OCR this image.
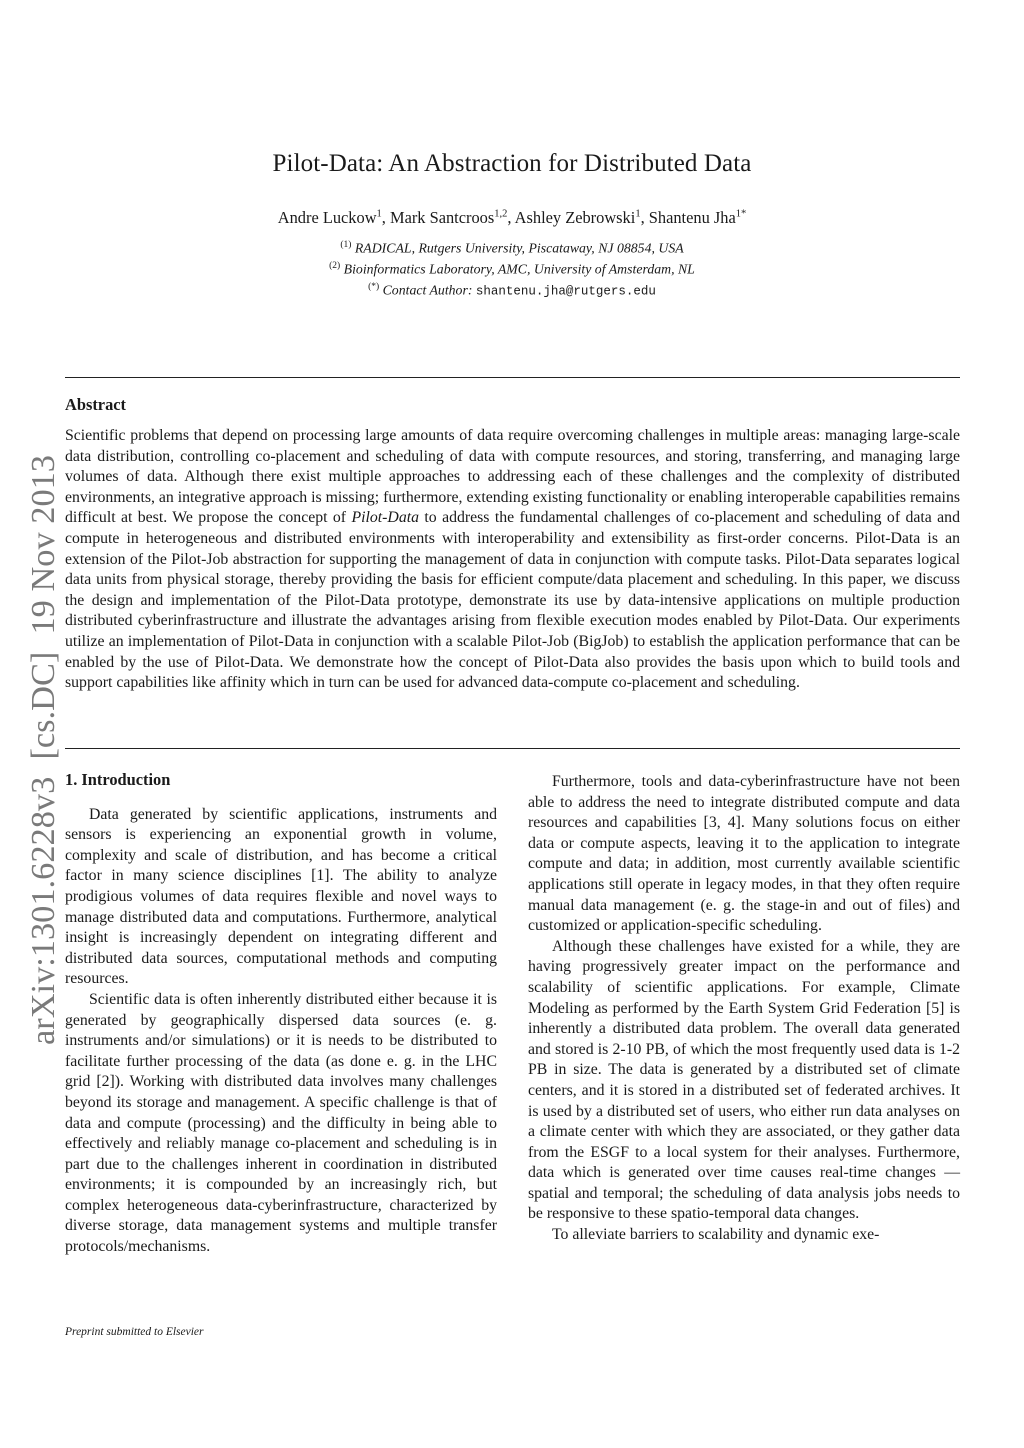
arXiv:1301.6228v3  [cs.DC]  19 Nov 2013
Pilot-Data: An Abstraction for Distributed Data
Andre Luckow$^1$, Mark Santcroos$^{1,2}$, Ashley Zebrowski$^1$, Shantenu Jha$^{1*}$
$^{(1)}$ RADICAL, Rutgers University, Piscataway, NJ 08854, USA
$^{(2)}$ Bioinformatics Laboratory, AMC, University of Amsterdam, NL
(*) Contact Author: shantenu.jha@rutgers.edu
Abstract
Scientific problems that depend on processing large amounts of data require overcoming challenges in multiple areas: managing large-scale data distribution, controlling co-placement and scheduling of data with compute resources, and storing, transferring, and managing large volumes of data. Although there exist multiple approaches to addressing each of these challenges and the complexity of distributed environments, an integrative approach is missing; furthermore, extending existing functionality or enabling interoperable capabilities remains difficult at best. We propose the concept of Pilot-Data to address the fundamental challenges of co-placement and scheduling of data and compute in heterogeneous and distributed environments with interoperability and extensibility as first-order concerns. Pilot-Data is an extension of the Pilot-Job abstraction for supporting the management of data in conjunction with compute tasks. Pilot-Data separates logical data units from physical storage, thereby providing the basis for efficient compute/data placement and scheduling. In this paper, we discuss the design and implementation of the Pilot-Data prototype, demonstrate its use by data-intensive applications on multiple production distributed cyberinfrastructure and illustrate the advantages arising from flexible execution modes enabled by Pilot-Data. Our experiments utilize an implementation of Pilot-Data in conjunction with a scalable Pilot-Job (BigJob) to establish the application performance that can be enabled by the use of Pilot-Data. We demonstrate how the concept of Pilot-Data also provides the basis upon which to build tools and support capabilities like affinity which in turn can be used for advanced data-compute co-placement and scheduling.
1. Introduction

Data generated by scientific applications, instruments and sensors is experiencing an exponential growth in volume, complexity and scale of distribution, and has become a critical factor in many science disciplines [1]. The ability to analyze prodigious volumes of data requires flexible and novel ways to manage distributed data and computations. Furthermore, analytical insight is increasingly dependent on integrating different and distributed data sources, computational methods and computing resources.

Scientific data is often inherently distributed either because it is generated by geographically dispersed data sources (e. g. instruments and/or simulations) or it is needs to be distributed to facilitate further processing of the data (as done e. g. in the LHC grid [2]). Working with distributed data involves many challenges beyond its storage and management. A specific challenge is that of data and compute (processing) and the difficulty in being able to effectively and reliably manage co-placement and scheduling is in part due to the challenges inherent in coordination in distributed environments; it is compounded by an increasingly rich, but complex heterogeneous data-cyberinfrastructure, characterized by diverse storage, data management systems and multiple transfer protocols/mechanisms.

Furthermore, tools and data-cyberinfrastructure have not been able to address the need to integrate distributed compute and data resources and capabilities [3, 4]. Many solutions focus on either data or compute aspects, leaving it to the application to integrate compute and data; in addition, most currently available scientific applications still operate in legacy modes, in that they often require manual data management (e. g. the stage-in and out of files) and customized or application-specific scheduling.

Although these challenges have existed for a while, they are having progressively greater impact on the performance and scalability of scientific applications. For example, Climate Modeling as performed by the Earth System Grid Federation [5] is inherently a distributed data problem. The overall data generated and stored is 2-10 PB, of which the most frequently used data is 1-2 PB in size. The data is generated by a distributed set of climate centers, and it is stored in a distributed set of federated archives. It is used by a distributed set of users, who either run data analyses on a climate center with which they are associated, or they gather data from the ESGF to a local system for their analyses. Furthermore, data which is generated over time causes real-time changes — spatial and temporal; the scheduling of data analysis jobs needs to be responsive to these spatio-temporal data changes.

To alleviate barriers to scalability and dynamic exe-

Preprint submitted to Elsevier
